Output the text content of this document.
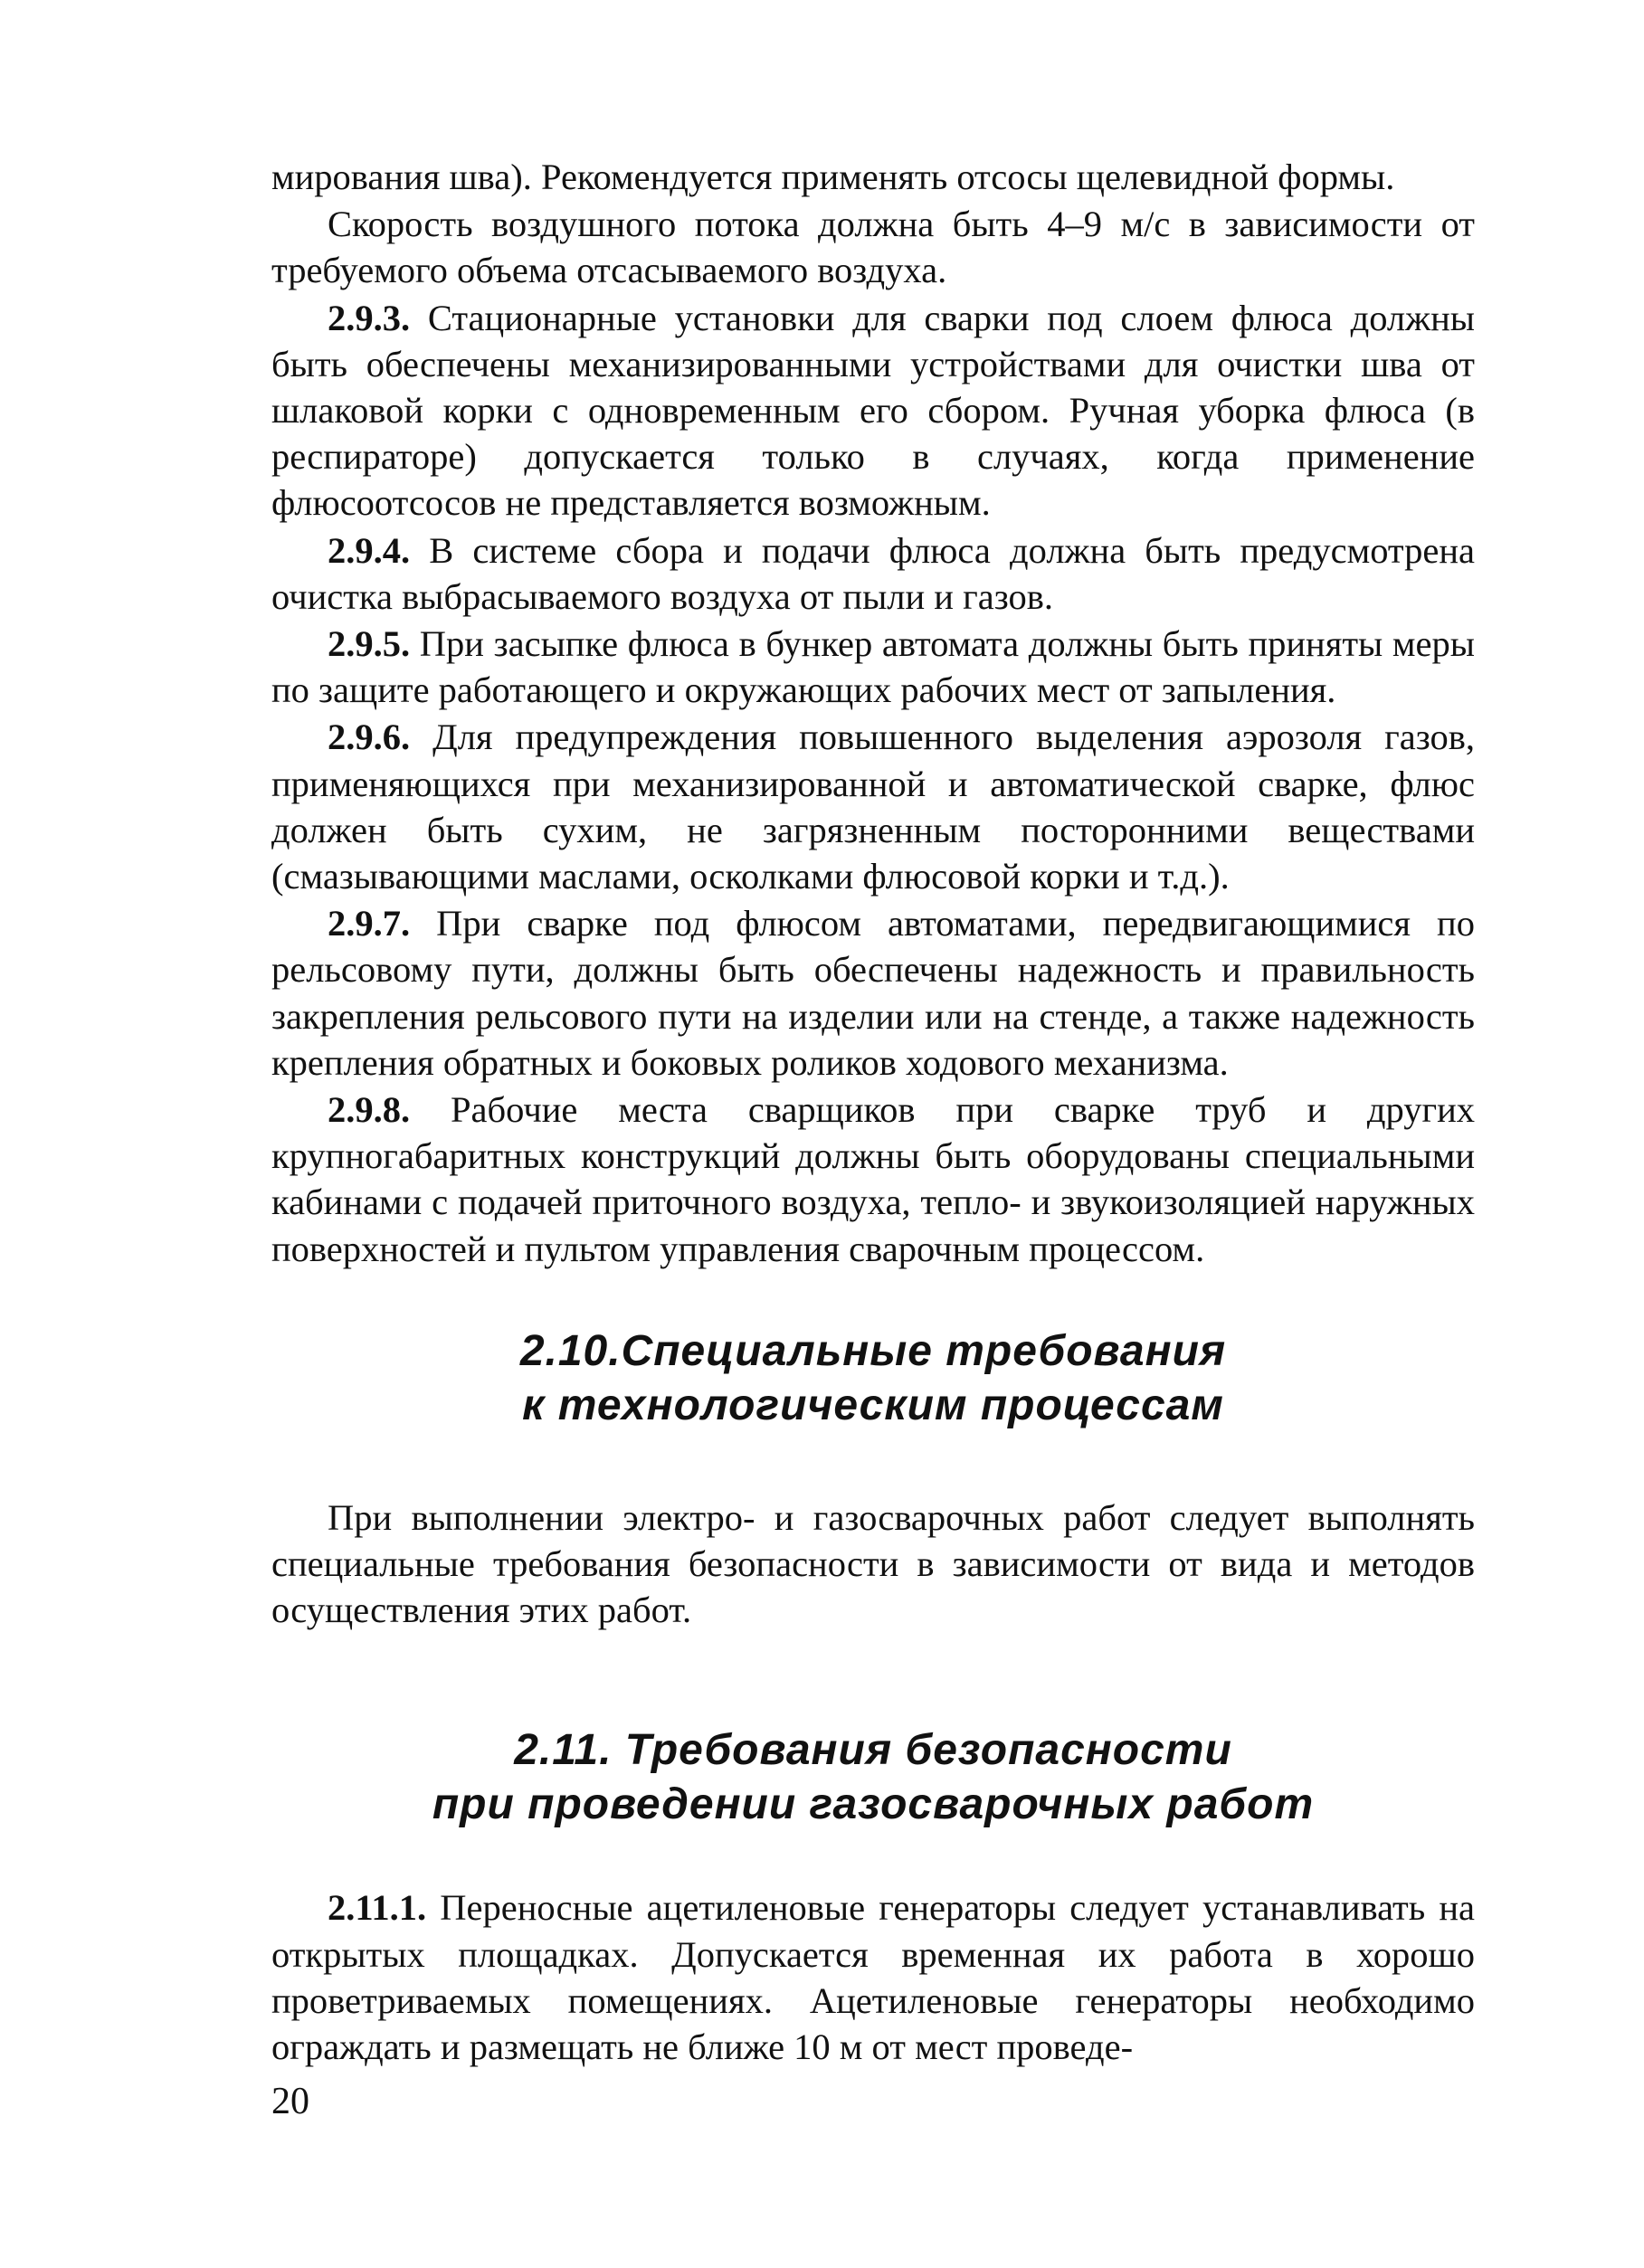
мирования шва). Рекомендуется применять отсосы щелевидной формы.

Скорость воздушного потока должна быть 4–9 м/с в зависимости от требуемого объема отсасываемого воздуха.

2.9.3. Стационарные установки для сварки под слоем флюса должны быть обеспечены механизированными устройствами для очистки шва от шлаковой корки с одновременным его сбором. Ручная уборка флюса (в респираторе) допускается только в случаях, когда применение флюсоотсосов не представляется возможным.

2.9.4. В системе сбора и подачи флюса должна быть предусмотрена очистка выбрасываемого воздуха от пыли и газов.

2.9.5. При засыпке флюса в бункер автомата должны быть приняты меры по защите работающего и окружающих рабочих мест от запыления.

2.9.6. Для предупреждения повышенного выделения аэрозоля газов, применяющихся при механизированной и автоматической сварке, флюс должен быть сухим, не загрязненным посторонними веществами (смазывающими маслами, осколками флюсовой корки и т.д.).

2.9.7. При сварке под флюсом автоматами, передвигающимися по рельсовому пути, должны быть обеспечены надежность и правильность закрепления рельсового пути на изделии или на стенде, а также надежность крепления обратных и боковых роликов ходового механизма.

2.9.8. Рабочие места сварщиков при сварке труб и других крупногабаритных конструкций должны быть оборудованы специальными кабинами с подачей приточного воздуха, тепло- и звукоизоляцией наружных поверхностей и пультом управления сварочным процессом.

2.10.Специальные требования
к технологическим процессам

При выполнении электро- и газосварочных работ следует выполнять специальные требования безопасности в зависимости от вида и методов осуществления этих работ.

2.11. Требования безопасности
при проведении газосварочных работ

2.11.1. Переносные ацетиленовые генераторы следует устанавливать на открытых площадках. Допускается временная их работа в хорошо проветриваемых помещениях. Ацетиленовые генераторы необходимо ограждать и размещать не ближе 10 м от мест проведе-

20
